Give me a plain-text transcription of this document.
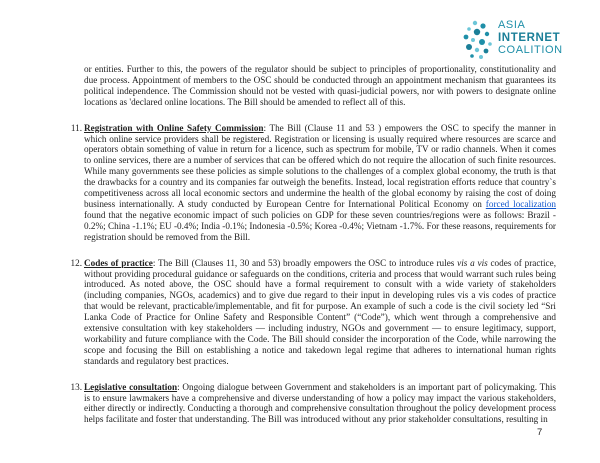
ASIA
INTERNET
COALITION

or entities. Further to this, the powers of the regulator should be subject to principles of proportionality, constitutionality and due process. Appointment of members to the OSC should be conducted through an appointment mechanism that guarantees its political independence. The Commission should not be vested with quasi-judicial powers, nor with powers to designate online locations as 'declared online locations. The Bill should be amended to reflect all of this.

11. Registration with Online Safety Commission: The Bill (Clause 11 and 53 ) empowers the OSC to specify the manner in which online service providers shall be registered. Registration or licensing is usually required where resources are scarce and operators obtain something of value in return for a licence, such as spectrum for mobile, TV or radio channels. When it comes to online services, there are a number of services that can be offered which do not require the allocation of such finite resources. While many governments see these policies as simple solutions to the challenges of a complex global economy, the truth is that the drawbacks for a country and its companies far outweigh the benefits. Instead, local registration efforts reduce that country`s competitiveness across all local economic sectors and undermine the health of the global economy by raising the cost of doing business internationally. A study conducted by European Centre for International Political Economy on forced localization found that the negative economic impact of such policies on GDP for these seven countries/regions were as follows: Brazil - 0.2%; China -1.1%; EU -0.4%; India -0.1%; Indonesia -0.5%; Korea -0.4%; Vietnam -1.7%. For these reasons, requirements for registration should be removed from the Bill.
12. Codes of practice: The Bill (Clauses 11, 30 and 53) broadly empowers the OSC to introduce rules vis a vis codes of practice, without providing procedural guidance or safeguards on the conditions, criteria and process that would warrant such rules being introduced. As noted above, the OSC should have a formal requirement to consult with a wide variety of stakeholders (including companies, NGOs, academics) and to give due regard to their input in developing rules vis a vis codes of practice that would be relevant, practicable/implementable, and fit for purpose. An example of such a code is the civil society led “Sri Lanka Code of Practice for Online Safety and Responsible Content” (“Code”), which went through a comprehensive and extensive consultation with key stakeholders — including industry, NGOs and government — to ensure legitimacy, support, workability and future compliance with the Code. The Bill should consider the incorporation of the Code, while narrowing the scope and focusing the Bill on establishing a notice and takedown legal regime that adheres to international human rights standards and regulatory best practices.
13. Legislative consultation: Ongoing dialogue between Government and stakeholders is an important part of policymaking. This is to ensure lawmakers have a comprehensive and diverse understanding of how a policy may impact the various stakeholders, either directly or indirectly. Conducting a thorough and comprehensive consultation throughout the policy development process helps facilitate and foster that understanding. The Bill was introduced without any prior stakeholder consultations, resulting in
7
